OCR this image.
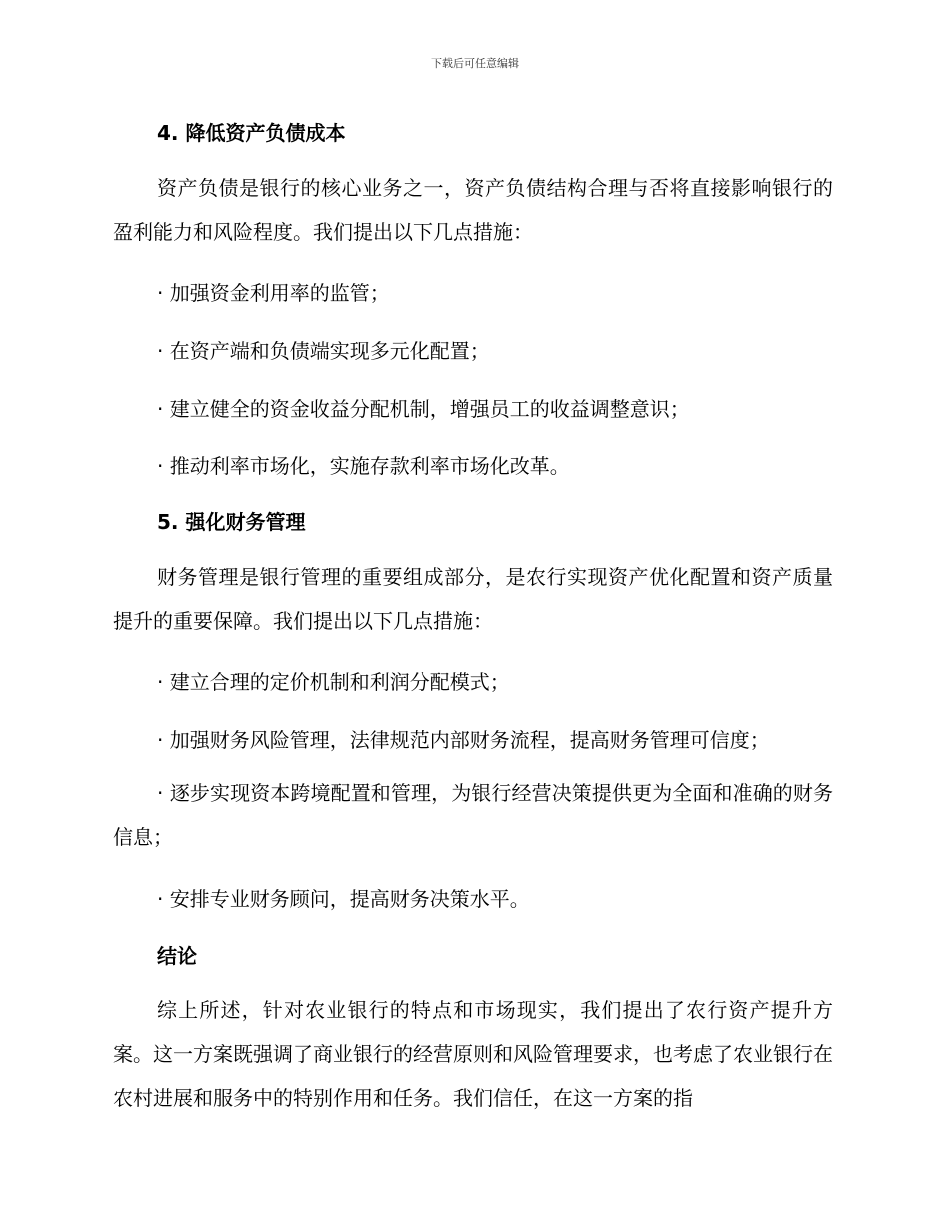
下载后可任意编辑
4. 降低资产负债成本
资产负债是银行的核心业务之一，资产负债结构合理与否将直接影响银行的盈利能力和风险程度。我们提出以下几点措施：
· 加强资金利用率的监管；
· 在资产端和负债端实现多元化配置；
· 建立健全的资金收益分配机制，增强员工的收益调整意识；
· 推动利率市场化，实施存款利率市场化改革。
5. 强化财务管理
财务管理是银行管理的重要组成部分，是农行实现资产优化配置和资产质量提升的重要保障。我们提出以下几点措施：
· 建立合理的定价机制和利润分配模式；
· 加强财务风险管理，法律规范内部财务流程，提高财务管理可信度；
· 逐步实现资本跨境配置和管理，为银行经营决策提供更为全面和准确的财务信息；
· 安排专业财务顾问，提高财务决策水平。
结论
综上所述，针对农业银行的特点和市场现实，我们提出了农行资产提升方案。这一方案既强调了商业银行的经营原则和风险管理要求，也考虑了农业银行在农村进展和服务中的特别作用和任务。我们信任，在这一方案的指
